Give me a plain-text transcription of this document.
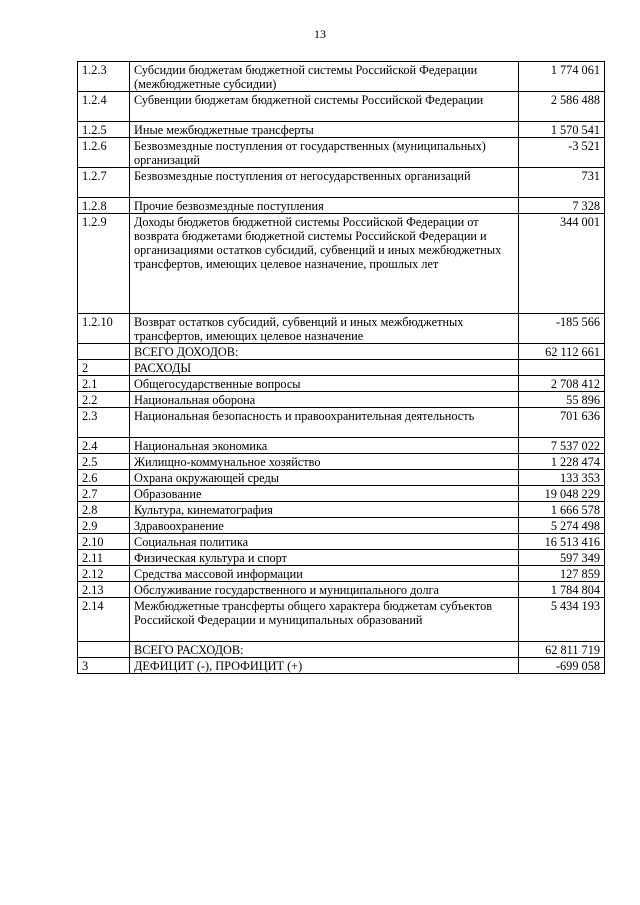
13
1.2.3	Субсидии бюджетам бюджетной системы Российской Федерации (межбюджетные субсидии)	1 774 061
1.2.4	Субвенции бюджетам бюджетной системы Российской Федерации	2 586 488
1.2.5	Иные межбюджетные трансферты	1 570 541
1.2.6	Безвозмездные поступления от государственных (муниципальных) организаций	-3 521
1.2.7	Безвозмездные поступления от негосударственных организаций	731
1.2.8	Прочие безвозмездные поступления	7 328
1.2.9	Доходы бюджетов бюджетной системы Российской Федерации от возврата бюджетами бюджетной системы Российской Федерации и организациями остатков субсидий, субвенций и иных межбюджетных трансфертов, имеющих целевое назначение, прошлых лет	344 001
1.2.10	Возврат остатков субсидий, субвенций и иных межбюджетных трансфертов, имеющих целевое назначение	-185 566
	ВСЕГО ДОХОДОВ:	62 112 661
2	РАСХОДЫ	
2.1	Общегосударственные вопросы	2 708 412
2.2	Национальная оборона	55 896
2.3	Национальная безопасность и правоохранительная деятельность	701 636
2.4	Национальная экономика	7 537 022
2.5	Жилищно-коммунальное хозяйство	1 228 474
2.6	Охрана окружающей среды	133 353
2.7	Образование	19 048 229
2.8	Культура, кинематография	1 666 578
2.9	Здравоохранение	5 274 498
2.10	Социальная политика	16 513 416
2.11	Физическая культура и спорт	597 349
2.12	Средства массовой информации	127 859
2.13	Обслуживание государственного и муниципального долга	1 784 804
2.14	Межбюджетные трансферты общего характера бюджетам субъектов Российской Федерации и муниципальных образований	5 434 193
	ВСЕГО РАСХОДОВ:	62 811 719
3	ДЕФИЦИТ (-), ПРОФИЦИТ (+)	-699 058
